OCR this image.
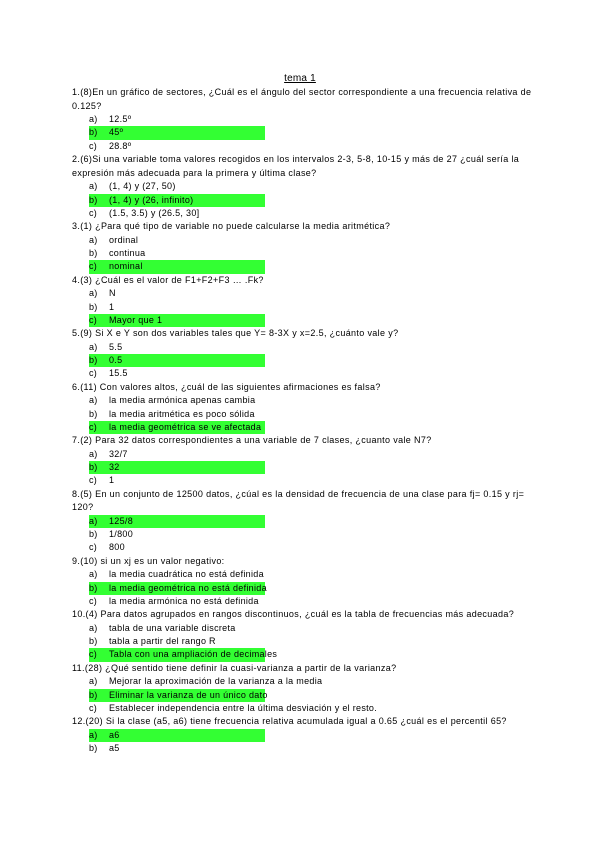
tema 1

1.(8)En un gráfico de sectores, ¿Cuál es el ángulo del sector correspondiente a una frecuencia relativa de 0.125?

a) 12.5º
b) 45º
c) 28.8º

2.(6)Si una variable toma valores recogidos en los intervalos 2-3, 5-8, 10-15 y más de 27 ¿cuál sería la expresión más adecuada para la primera y última clase?

a) (1, 4) y (27, 50)
b) (1, 4) y (26, infinito)
c) (1.5, 3.5) y (26.5, 30]

3.(1) ¿Para qué tipo de variable no puede calcularse la media aritmética?

a) ordinal
b) continua
c) nominal

4.(3) ¿Cuál es el valor de F1+F2+F3 … .Fk?

a) N
b) 1
c) Mayor que 1

5.(9) Si X e Y son dos variables tales que Y= 8-3X y x=2.5, ¿cuánto vale y?

a) 5.5
b) 0.5
c) 15.5

6.(11) Con valores altos, ¿cuál de las siguientes afirmaciones es falsa?

a) la media armónica apenas cambia
b) la media aritmética es poco sólida
c) la media geométrica se ve afectada

7.(2) Para 32 datos correspondientes a una variable de 7 clases, ¿cuanto vale N7?

a) 32/7
b) 32
c) 1

8.(5) En un conjunto de 12500 datos, ¿cúal es la densidad de frecuencia de una clase para fj= 0.15 y rj= 120?

a) 125/8
b) 1/800
c) 800

9.(10) si un xj es un valor negativo:

a) la media cuadrática no está definida
b) la media geométrica no está definida
c) la media armónica no está definida

10.(4) Para datos agrupados en rangos discontinuos, ¿cuál es la tabla de frecuencias más adecuada?

a) tabla de una variable discreta
b) tabla a partir del rango R
c) Tabla con una ampliación de decimales

11.(28) ¿Qué sentido tiene definir la cuasi-varianza a partir de la varianza?

a) Mejorar la aproximación de la varianza a la media
b) Eliminar la varianza de un único dato
c) Establecer independencia entre la última desviación y el resto.

12.(20) Si la clase (a5, a6) tiene frecuencia relativa acumulada igual a 0.65 ¿cuál es el percentil 65?

a) a6
b) a5
